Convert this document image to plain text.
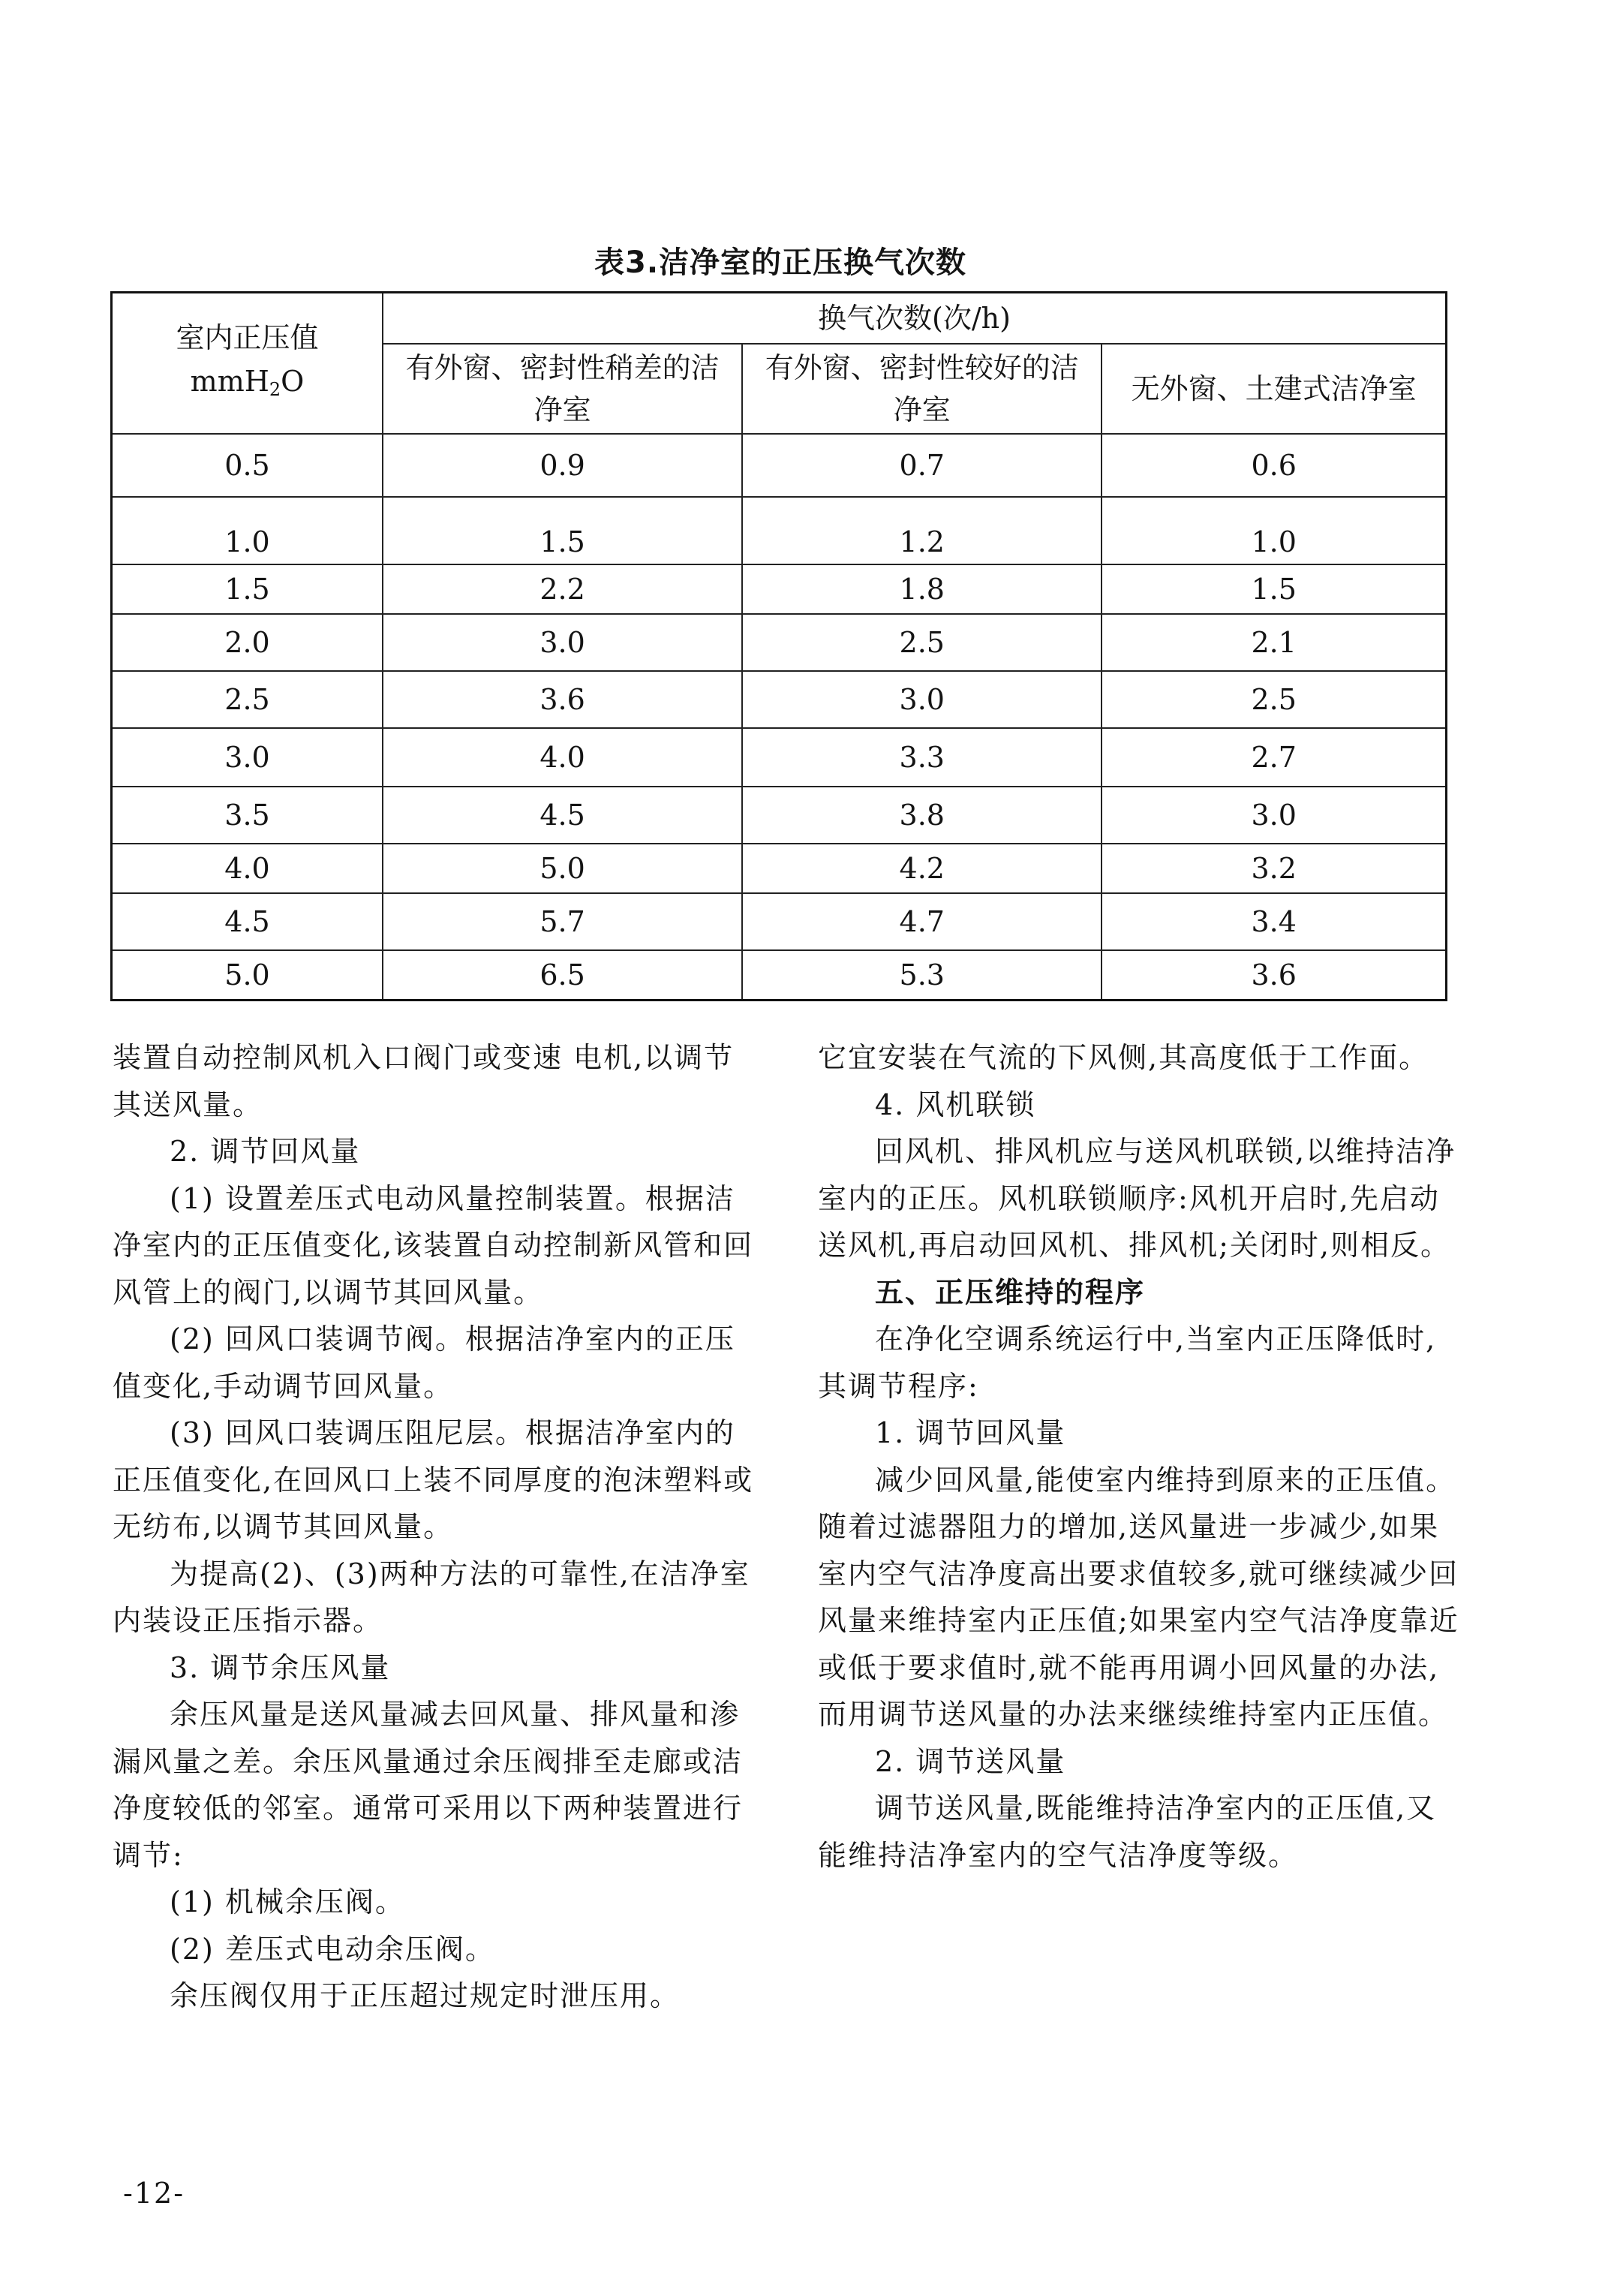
表3.洁净室的正压换气次数
室内正压值
mmH$_2$O	换气次数(次/h)		
	有外窗、密封性稍差的洁净室	有外窗、密封性较好的洁净室	无外窗、土建式洁净室
0.5	0.9	0.7	0.6
1.0	1.5	1.2	1.0
1.5	2.2	1.8	1.5
2.0	3.0	2.5	2.1
2.5	3.6	3.0	2.5
3.0	4.0	3.3	2.7
3.5	4.5	3.8	3.0
4.0	5.0	4.2	3.2
4.5	5.7	4.7	3.4
5.0	6.5	5.3	3.6

装置自动控制风机入口阀门或变速 电机,以调节其送风量。

2. 调节回风量

(1) 设置差压式电动风量控制装置。根据洁净室内的正压值变化,该装置自动控制新风管和回风管上的阀门,以调节其回风量。

(2) 回风口装调节阀。根据洁净室内的正压值变化,手动调节回风量。

(3) 回风口装调压阻尼层。根据洁净室内的正压值变化,在回风口上装不同厚度的泡沫塑料或无纺布,以调节其回风量。

为提高(2)、(3)两种方法的可靠性,在洁净室内装设正压指示器。

3. 调节余压风量

余压风量是送风量减去回风量、排风量和渗漏风量之差。余压风量通过余压阀排至走廊或洁净度较低的邻室。通常可采用以下两种装置进行调节:

(1) 机械余压阀。

(2) 差压式电动余压阀。

余压阀仅用于正压超过规定时泄压用。

它宜安装在气流的下风侧,其高度低于工作面。

4. 风机联锁

回风机、排风机应与送风机联锁,以维持洁净室内的正压。风机联锁顺序:风机开启时,先启动送风机,再启动回风机、排风机;关闭时,则相反。

五、正压维持的程序

在净化空调系统运行中,当室内正压降低时,其调节程序:

1. 调节回风量

减少回风量,能使室内维持到原来的正压值。随着过滤器阻力的增加,送风量进一步减少,如果室内空气洁净度高出要求值较多,就可继续减少回风量来维持室内正压值;如果室内空气洁净度靠近或低于要求值时,就不能再用调小回风量的办法,而用调节送风量的办法来继续维持室内正压值。

2. 调节送风量

调节送风量,既能维持洁净室内的正压值,又能维持洁净室内的空气洁净度等级。

-12-
